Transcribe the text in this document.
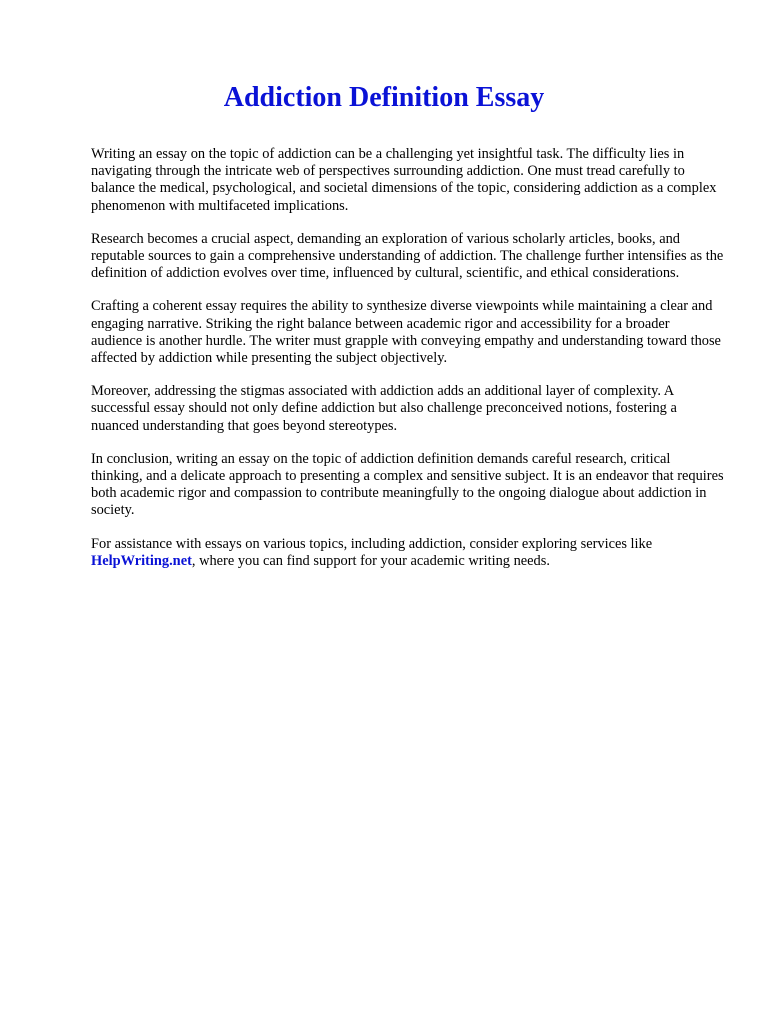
Addiction Definition Essay

Writing an essay on the topic of addiction can be a challenging yet insightful task. The difficulty lies in navigating through the intricate web of perspectives surrounding addiction. One must tread carefully to balance the medical, psychological, and societal dimensions of the topic, considering addiction as a complex phenomenon with multifaceted implications.

Research becomes a crucial aspect, demanding an exploration of various scholarly articles, books, and reputable sources to gain a comprehensive understanding of addiction. The challenge further intensifies as the definition of addiction evolves over time, influenced by cultural, scientific, and ethical considerations.

Crafting a coherent essay requires the ability to synthesize diverse viewpoints while maintaining a clear and engaging narrative. Striking the right balance between academic rigor and accessibility for a broader audience is another hurdle. The writer must grapple with conveying empathy and understanding toward those affected by addiction while presenting the subject objectively.

Moreover, addressing the stigmas associated with addiction adds an additional layer of complexity. A successful essay should not only define addiction but also challenge preconceived notions, fostering a nuanced understanding that goes beyond stereotypes.

In conclusion, writing an essay on the topic of addiction definition demands careful research, critical thinking, and a delicate approach to presenting a complex and sensitive subject. It is an endeavor that requires both academic rigor and compassion to contribute meaningfully to the ongoing dialogue about addiction in society.

For assistance with essays on various topics, including addiction, consider exploring services like HelpWriting.net, where you can find support for your academic writing needs.
